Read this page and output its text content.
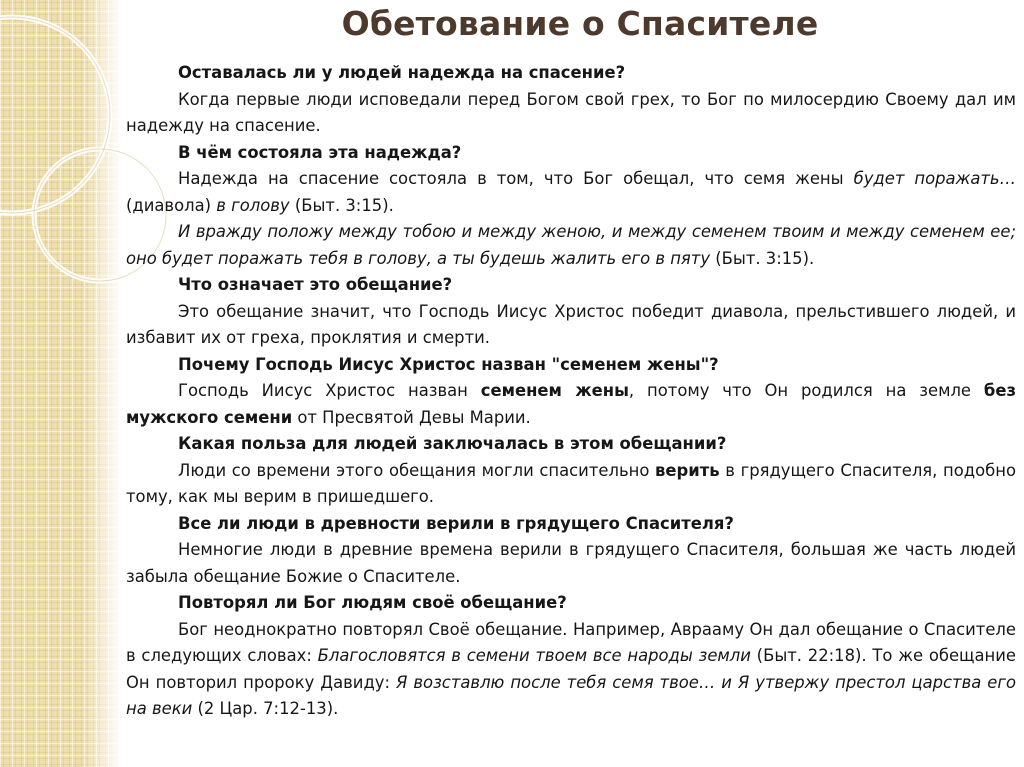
Обетование о Спасителе

Оставалась ли у людей надежда на спасение?

Когда первые люди исповедали перед Богом свой грех, то Бог по милосердию Своему дал им надежду на спасение.

В чём состояла эта надежда?

Надежда на спасение состояла в том, что Бог обещал, что семя жены будет поражать… (диавола) в голову (Быт. 3:15).

И вражду положу между тобою и между женою, и между семенем твоим и между семенем ее; оно будет поражать тебя в голову, а ты будешь жалить его в пяту (Быт. 3:15).

Что означает это обещание?

Это обещание значит, что Господь Иисус Христос победит диавола, прельстившего людей, и избавит их от греха, проклятия и смерти.

Почему Господь Иисус Христос назван "семенем жены"?

Господь Иисус Христос назван семенем жены, потому что Он родился на земле без мужского семени от Пресвятой Девы Марии.

Какая польза для людей заключалась в этом обещании?

Люди со времени этого обещания могли спасительно верить в грядущего Спасителя, подобно тому, как мы верим в пришедшего.

Все ли люди в древности верили в грядущего Спасителя?

Немногие люди в древние времена верили в грядущего Спасителя, большая же часть людей забыла обещание Божие о Спасителе.

Повторял ли Бог людям своё обещание?

Бог неоднократно повторял Своё обещание. Например, Аврааму Он дал обещание о Спасителе в следующих словах: Благословятся в семени твоем все народы земли (Быт. 22:18). То же обещание Он повторил пророку Давиду: Я возставлю после тебя семя твое… и Я утвержу престол царства его на веки (2 Цар. 7:12-13).
